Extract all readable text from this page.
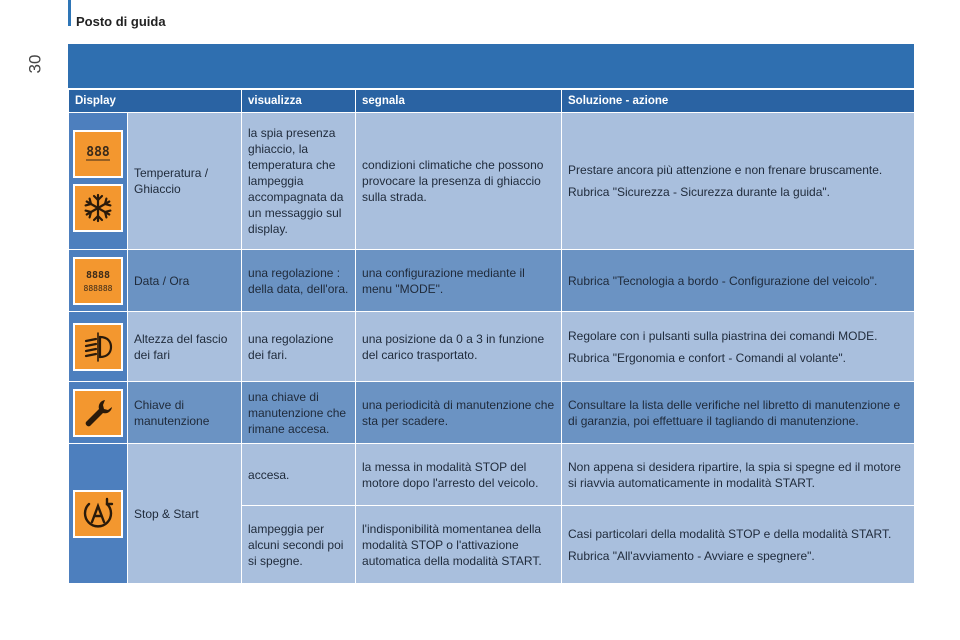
Posto di guida
30
Display		visualizza	segnala	Soluzione - azione

888	Temperatura / Ghiaccio	la spia presenza ghiaccio, la temperatura che lampeggia accompagnata da un messaggio sul display.	condizioni climatiche che possono provocare la presenza di ghiaccio sulla strada.	Prestare ancora più attenzione e non frenare bruscamente.

Rubrica "Sicurezza - Sicurezza durante la guida".

8888
888888	Data / Ora	una regolazione : della data, dell'ora.	una configurazione mediante il menu "MODE".	Rubrica "Tecnologia a bordo - Configurazione del veicolo".

	Altezza del fascio dei fari	una regolazione dei fari.	una posizione da 0 a 3 in funzione del carico trasportato.	Regolare con i pulsanti sulla piastrina dei comandi MODE.

Rubrica "Ergonomia e confort - Comandi al volante".

	Chiave di manutenzione	una chiave di manutenzione che rimane accesa.	una periodicità di manutenzione che sta per scadere.	Consultare la lista delle verifiche nel libretto di manutenzione e di garanzia, poi effettuare il tagliando di manutenzione.

	Stop & Start	accesa.	la messa in modalità STOP del motore dopo l'arresto del veicolo.	Non appena si desidera ripartire, la spia si spegne ed il motore si riavvia automaticamente in modalità START.

		lampeggia per alcuni secondi poi si spegne.	l'indisponibilità momentanea della modalità STOP o l'attivazione automatica della modalità START.	Casi particolari della modalità STOP e della modalità START.

Rubrica "All'avviamento - Avviare e spegnere".
